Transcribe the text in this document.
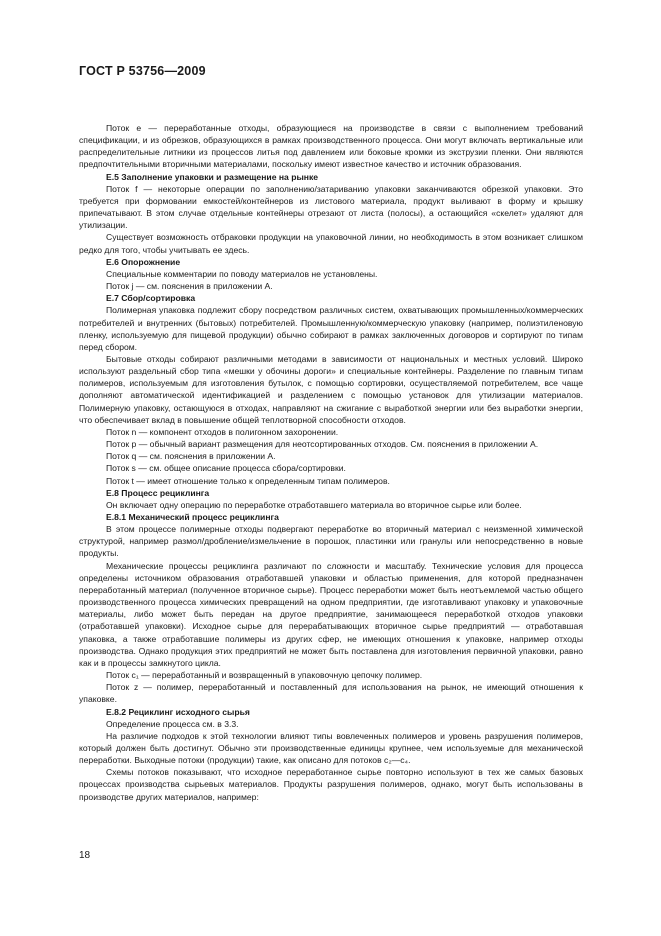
ГОСТ Р 53756—2009
Поток e — переработанные отходы, образующиеся на производстве в связи с выполнением требований спецификации, и из обрезков, образующихся в рамках производственного процесса. Они могут включать вертикальные или распределительные литники из процессов литья под давлением или боковые кромки из экструзии пленки. Они являются предпочтительными вторичными материалами, поскольку имеют известное качество и источник образования.
Е.5 Заполнение упаковки и размещение на рынке
Поток f — некоторые операции по заполнению/затариванию упаковки заканчиваются обрезкой упаковки. Это требуется при формовании емкостей/контейнеров из листового материала, продукт выливают в форму и крышку припечатывают. В этом случае отдельные контейнеры отрезают от листа (полосы), а остающийся «скелет» удаляют для утилизации.
Существует возможность отбраковки продукции на упаковочной линии, но необходимость в этом возникает слишком редко для того, чтобы учитывать ее здесь.
Е.6 Опорожнение
Специальные комментарии по поводу материалов не установлены.
Поток j — см. пояснения в приложении А.
Е.7 Сбор/сортировка
Полимерная упаковка подлежит сбору посредством различных систем, охватывающих промышленных/коммерческих потребителей и внутренних (бытовых) потребителей. Промышленную/коммерческую упаковку (например, полиэтиленовую пленку, используемую для пищевой продукции) обычно собирают в рамках заключенных договоров и сортируют по типам перед сбором.
Бытовые отходы собирают различными методами в зависимости от национальных и местных условий. Широко используют раздельный сбор типа «мешки у обочины дороги» и специальные контейнеры. Разделение по главным типам полимеров, используемым для изготовления бутылок, с помощью сортировки, осуществляемой потребителем, все чаще дополняют автоматической идентификацией и разделением с помощью установок для утилизации материалов. Полимерную упаковку, остающуюся в отходах, направляют на сжигание с выработкой энергии или без выработки энергии, что обеспечивает вклад в повышение общей теплотворной способности отходов.
Поток n — компонент отходов в полигонном захоронении.
Поток p — обычный вариант размещения для неотсортированных отходов. См. пояснения в приложении А.
Поток q — см. пояснения в приложении А.
Поток s — см. общее описание процесса сбора/сортировки.
Поток t — имеет отношение только к определенным типам полимеров.
Е.8 Процесс рециклинга
Он включает одну операцию по переработке отработавшего материала во вторичное сырье или более.
Е.8.1 Механический процесс рециклинга
В этом процессе полимерные отходы подвергают переработке во вторичный материал с неизменной химической структурой, например размол/дробление/измельчение в порошок, пластинки или гранулы или непосредственно в новые продукты.
Механические процессы рециклинга различают по сложности и масштабу. Технические условия для процесса определены источником образования отработавшей упаковки и областью применения, для которой предназначен переработанный материал (полученное вторичное сырье). Процесс переработки может быть неотъемлемой частью общего производственного процесса химических превращений на одном предприятии, где изготавливают упаковку и упаковочные материалы, либо может быть передан на другое предприятие, занимающееся переработкой отходов упаковки (отработавшей упаковки). Исходное сырье для перерабатывающих вторичное сырье предприятий — отработавшая упаковка, а также отработавшие полимеры из других сфер, не имеющих отношения к упаковке, например отходы производства. Однако продукция этих предприятий не может быть поставлена для изготовления первичной упаковки, равно как и в процессы замкнутого цикла.
Поток c₁ — переработанный и возвращенный в упаковочную цепочку полимер.
Поток z — полимер, переработанный и поставленный для использования на рынок, не имеющий отношения к упаковке.
Е.8.2 Рециклинг исходного сырья
Определение процесса см. в 3.3.
На различие подходов к этой технологии влияют типы вовлеченных полимеров и уровень разрушения полимеров, который должен быть достигнут. Обычно эти производственные единицы крупнее, чем используемые для механической переработки. Выходные потоки (продукции) такие, как описано для потоков c₂—c₄.
Схемы потоков показывают, что исходное переработанное сырье повторно используют в тех же самых базовых процессах производства сырьевых материалов. Продукты разрушения полимеров, однако, могут быть использованы в производстве других материалов, например:
18
